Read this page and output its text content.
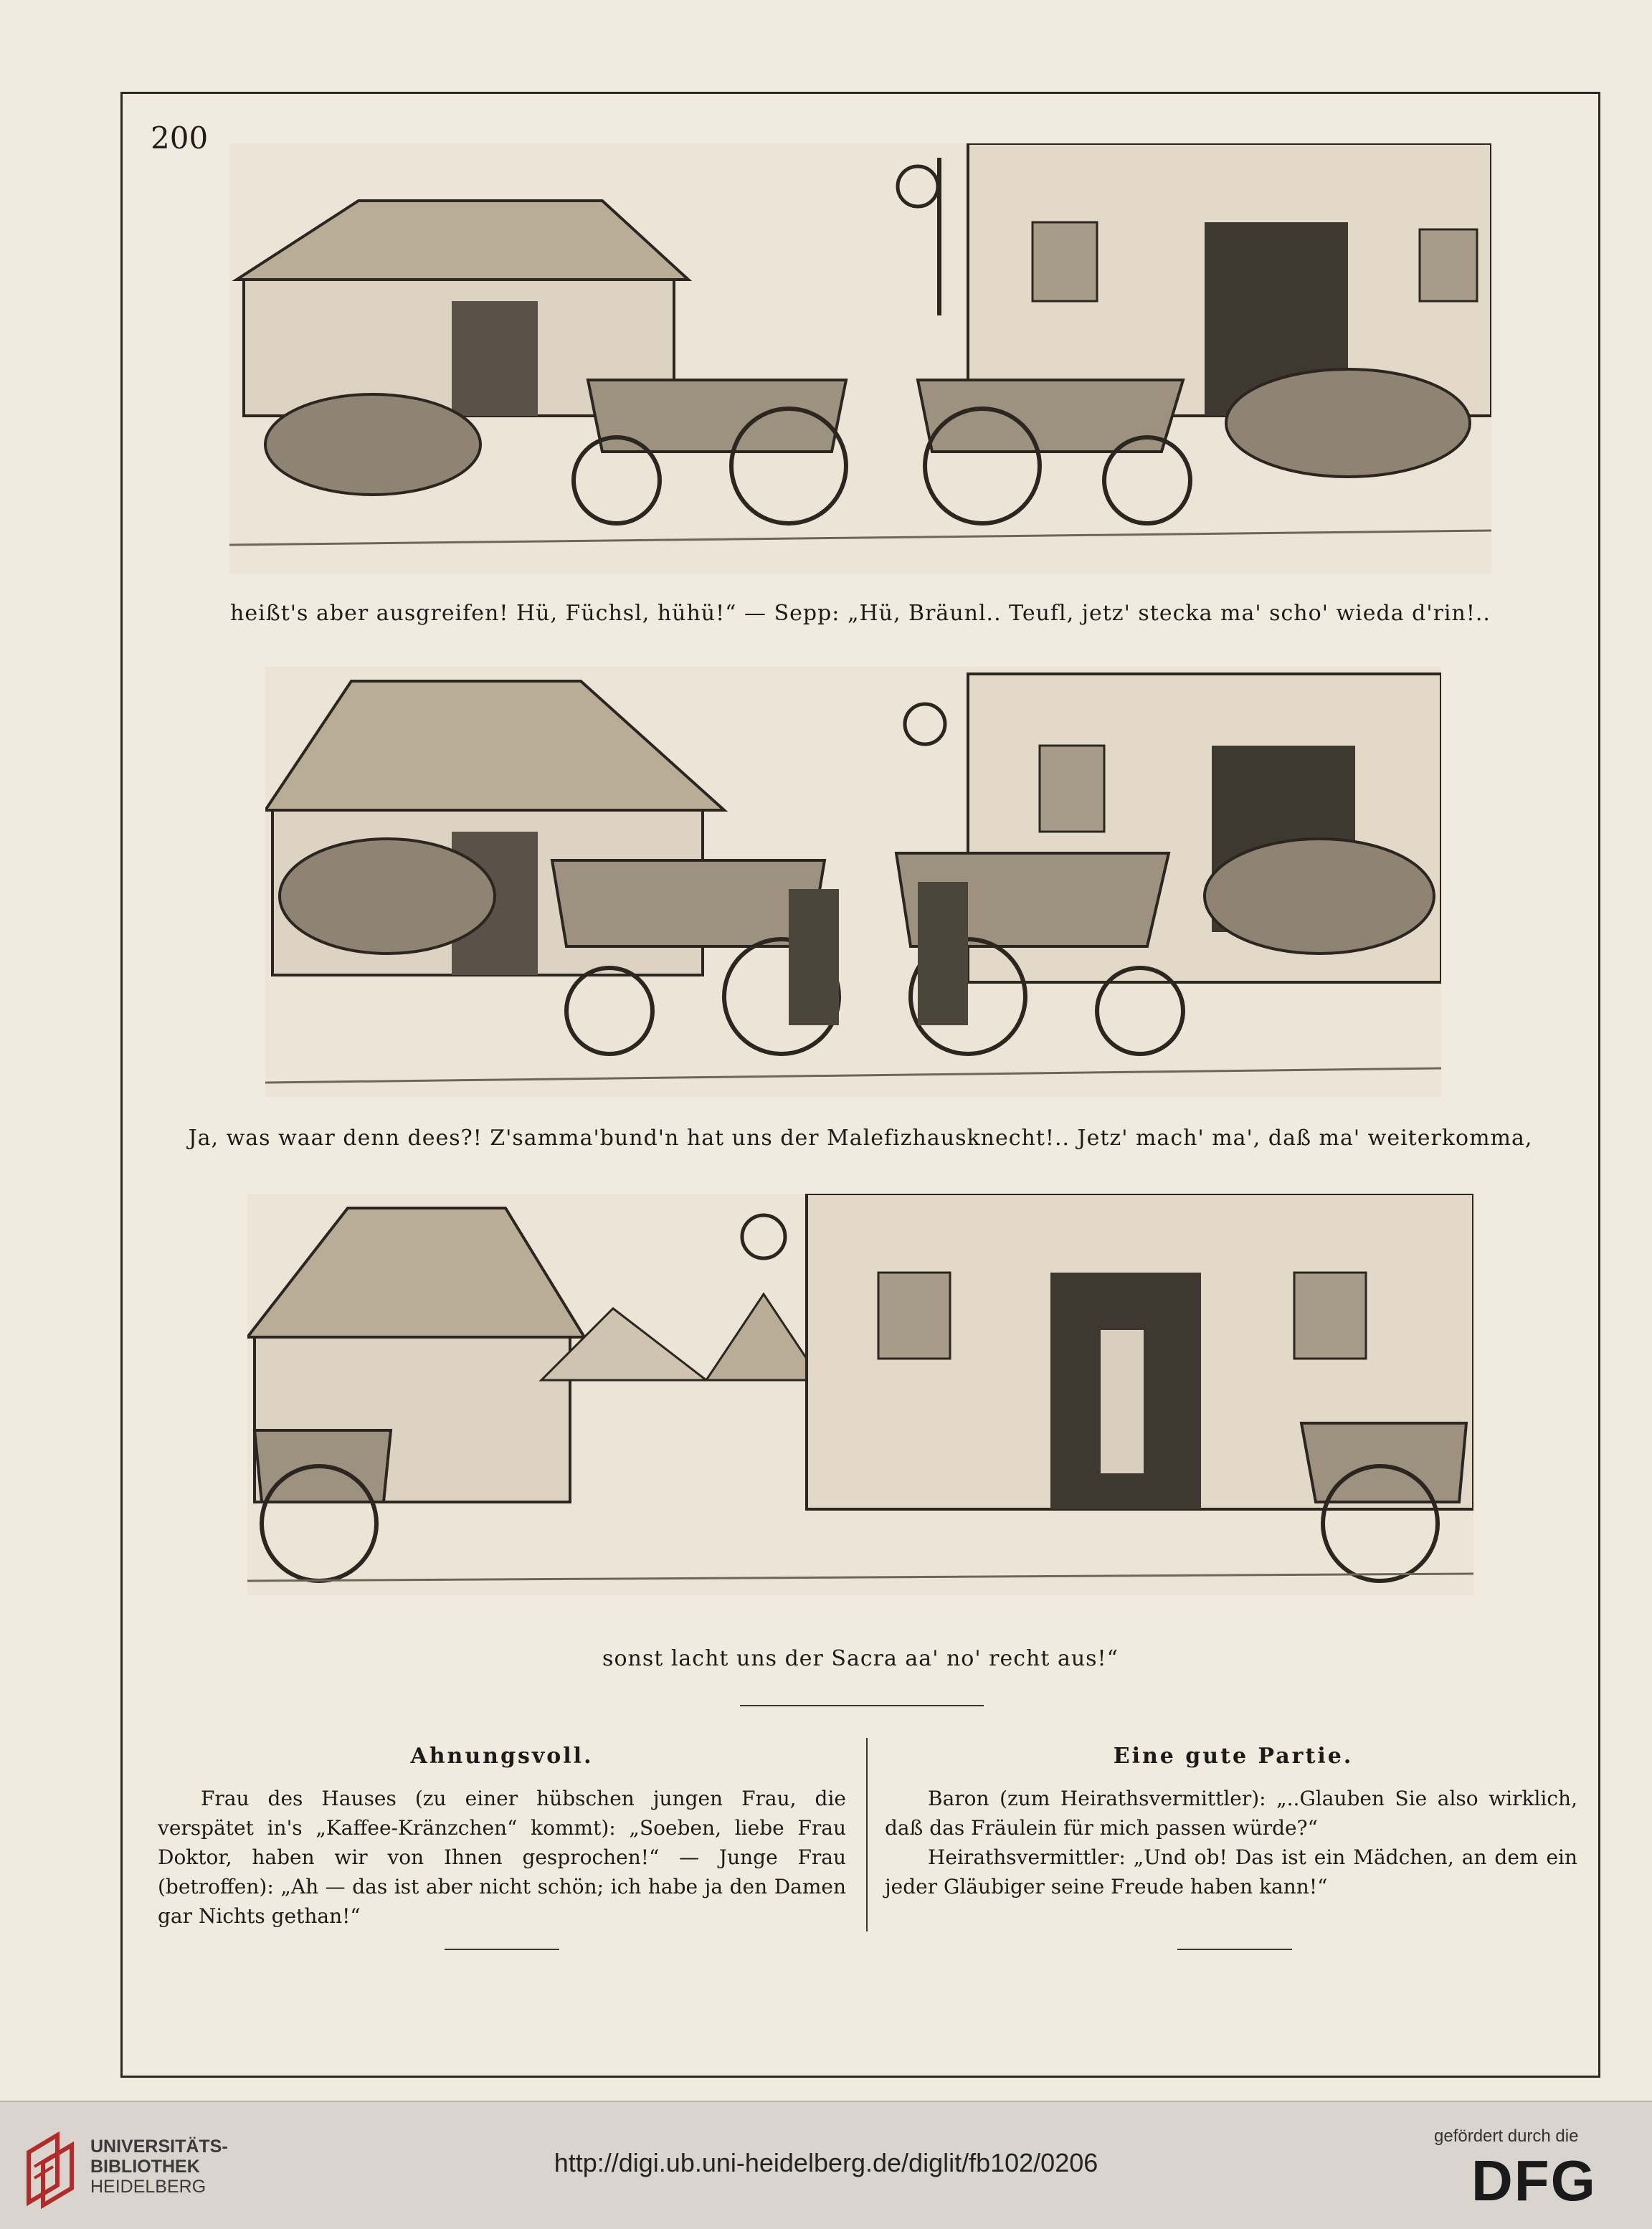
200
heißt's aber ausgreifen! Hü, Füchsl, hühü!“ — Sepp: „Hü, Bräunl.. Teufl, jetz' stecka ma' scho' wieda d'rin!..
Ja, was waar denn dees?! Z'samma'bund'n hat uns der Malefizhausknecht!.. Jetz' mach' ma', daß ma' weiterkomma,
sonst lacht uns der Sacra aa' no' recht aus!“
Ahnungsvoll.

Frau des Hauses (zu einer hübschen jungen Frau, die verspätet in's „Kaffee-Kränzchen“ kommt): „Soeben, liebe Frau Doktor, haben wir von Ihnen gesprochen!“ — Junge Frau (betroffen): „Ah — das ist aber nicht schön; ich habe ja den Damen gar Nichts gethan!“

Eine gute Partie.

Baron (zum Heirathsvermittler): „..Glauben Sie also wirklich, daß das Fräulein für mich passen würde?“

Heirathsvermittler: „Und ob! Das ist ein Mädchen, an dem ein jeder Gläubiger seine Freude haben kann!“

UNIVERSITÄTS-
BIBLIOTHEK
HEIDELBERG
http://digi.ub.uni-heidelberg.de/diglit/fb102/0206
gefördert durch die
DFG
